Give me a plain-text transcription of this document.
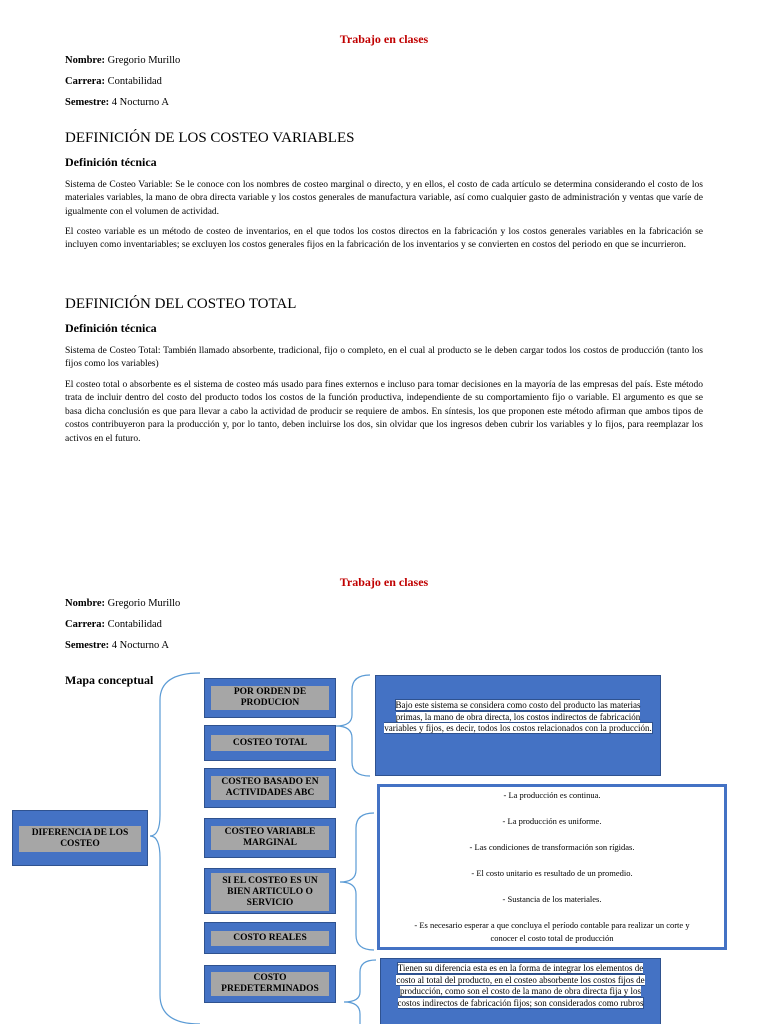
Trabajo en clases
Nombre: Gregorio Murillo
Carrera: Contabilidad
Semestre: 4 Nocturno A
DEFINICIÓN DE LOS COSTEO VARIABLES
Definición técnica
Sistema de Costeo Variable: Se le conoce con los nombres de costeo marginal o directo, y en ellos, el costo de cada artículo se determina considerando el costo de los materiales variables, la mano de obra directa variable y los costos generales de manufactura variable, así como cualquier gasto de administración y ventas que varíe de igualmente con el volumen de actividad.
El costeo variable es un método de costeo de inventarios, en el que todos los costos directos en la fabricación y los costos generales variables en la fabricación se incluyen como inventariables; se excluyen los costos generales fijos en la fabricación de los inventarios y se convierten en costos del periodo en que se incurrieron.
DEFINICIÓN DEL COSTEO TOTAL
Definición técnica
Sistema de Costeo Total: También llamado absorbente, tradicional, fijo o completo, en el cual al producto se le deben cargar todos los costos de producción (tanto los fijos como los variables)
El costeo total o absorbente es el sistema de costeo más usado para fines externos e incluso para tomar decisiones en la mayoría de las empresas del país. Este método trata de incluir dentro del costo del producto todos los costos de la función productiva, independiente de su comportamiento fijo o variable. El argumento es que se basa dicha conclusión es que para llevar a cabo la actividad de producir se requiere de ambos. En síntesis, los que proponen este método afirman que ambos tipos de costos contribuyeron para la producción y, por lo tanto, deben incluirse los dos, sin olvidar que los ingresos deben cubrir los variables y lo fijos, para reemplazar los activos en el futuro.
Trabajo en clases
Nombre: Gregorio Murillo
Carrera: Contabilidad
Semestre: 4 Nocturno A
Mapa conceptual
DIFERENCIA DE LOS COSTEO
POR ORDEN DE PRODUCION
COSTEO TOTAL
COSTEO BASADO EN ACTIVIDADES ABC
COSTEO VARIABLE MARGINAL
SI EL COSTEO ES UN BIEN ARTICULO O SERVICIO
COSTO REALES
COSTO PREDETERMINADOS
Bajo este sistema se considera como costo del producto las materias primas, la mano de obra directa, los costos indirectos de fabricación variables y fijos, es decir, todos los costos relacionados con la producción.
- La producción es continua.
- La producción es uniforme.
- Las condiciones de transformación son rígidas.
- El costo unitario es resultado de un promedio.
- Sustancia de los materiales.
- Es necesario esperar a que concluya el período contable para realizar un corte y
conocer el costo total de producción
Tienen su diferencia esta es en la forma de integrar los elementos de costo al total del producto, en el costeo absorbente los costos fijos de producción, como son el costo de la mano de obra directa fija y los costos indirectos de fabricación fijos; son considerados como rubros
